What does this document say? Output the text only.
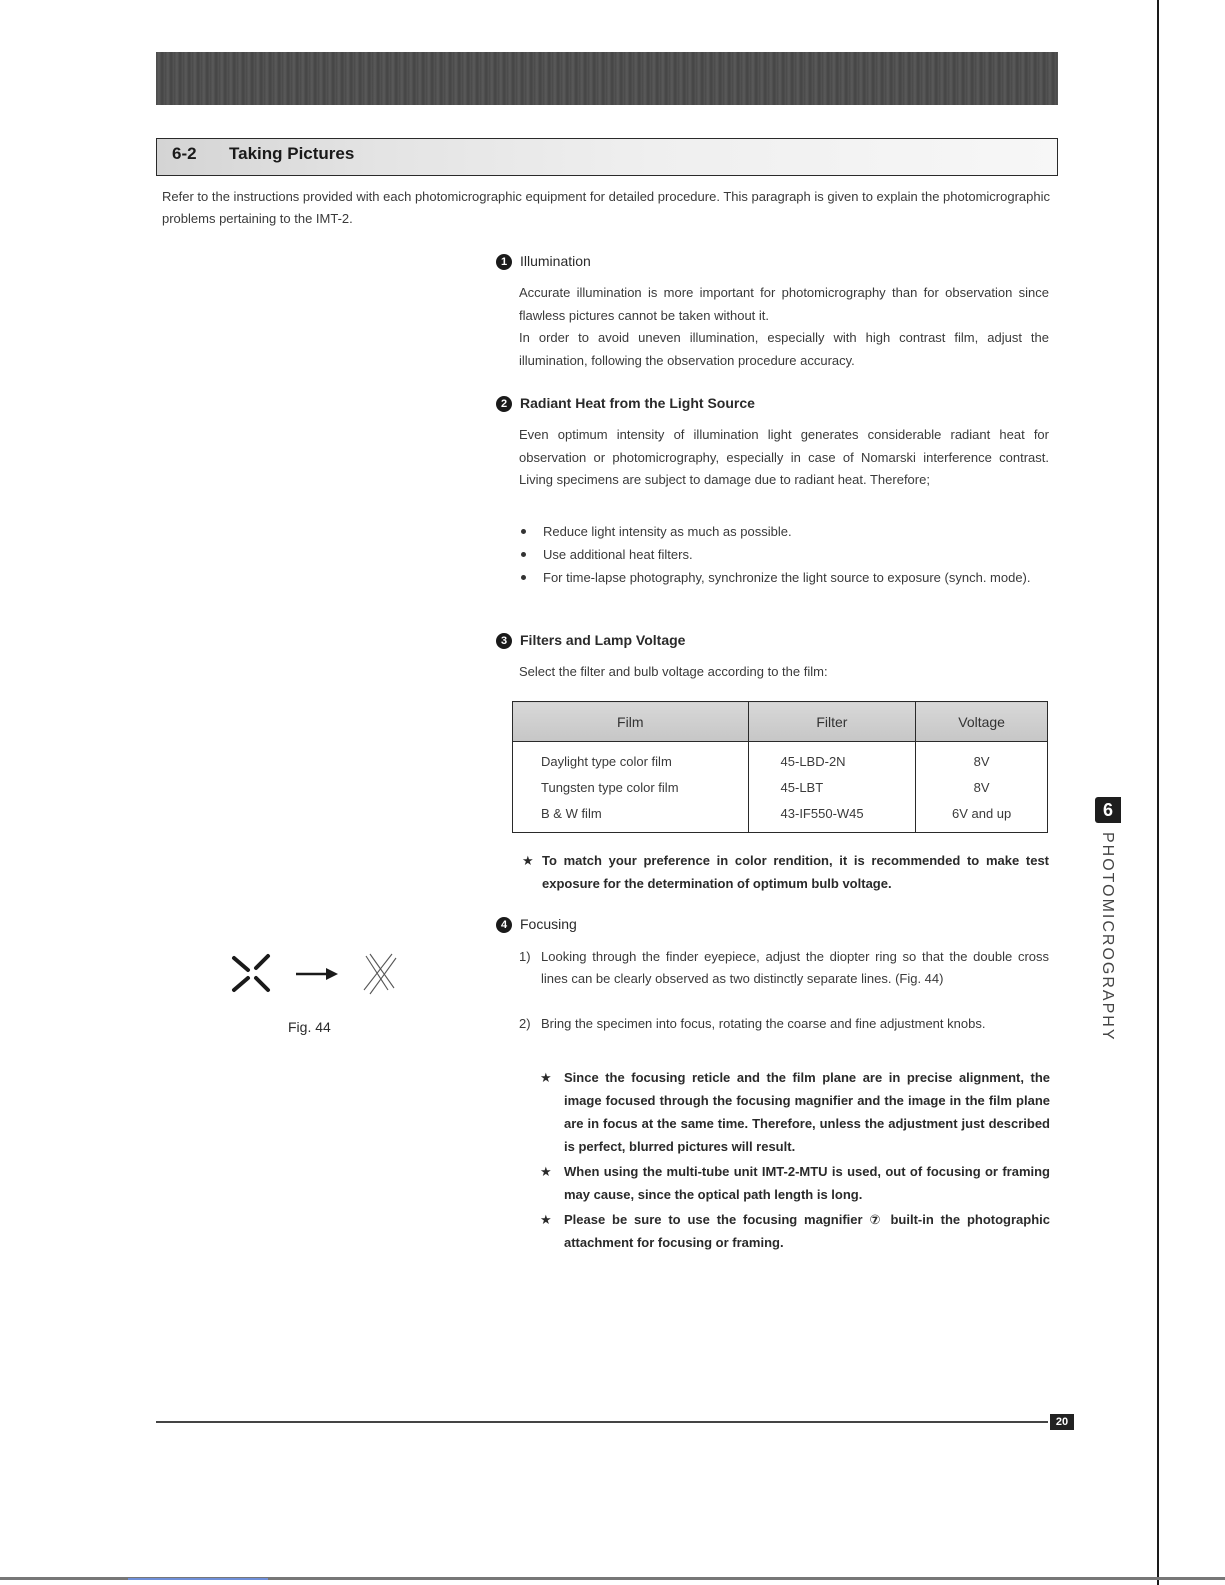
6-2 Taking Pictures

Refer to the instructions provided with each photomicrographic equipment for detailed procedure. This paragraph is given to explain the photomicrographic problems pertaining to the IMT-2.

1 Illumination

Accurate illumination is more important for photomicrography than for observation since flawless pictures cannot be taken without it.

In order to avoid uneven illumination, especially with high contrast film, adjust the illumination, following the observation procedure accuracy.

2 Radiant Heat from the Light Source

Even optimum intensity of illumination light generates considerable radiant heat for observation or photomicrography, especially in case of Nomarski interference contrast. Living specimens are subject to damage due to radiant heat. Therefore;

Reduce light intensity as much as possible.
Use additional heat filters.
For time-lapse photography, synchronize the light source to exposure (synch. mode).
3 Filters and Lamp Voltage

Select the filter and bulb voltage according to the film:

Film	Filter	Voltage
Daylight type color film	45-LBD-2N	8V
Tungsten type color film	45-LBT	8V
B & W film	43-IF550-W45	6V and up

★ To match your preference in color rendition, it is recommended to make test exposure for the determination of optimum bulb voltage.

4 Focusing

1) Looking through the finder eyepiece, adjust the diopter ring so that the double cross lines can be clearly observed as two distinctly separate lines. (Fig. 44)

2) Bring the specimen into focus, rotating the coarse and fine adjustment knobs.

★ Since the focusing reticle and the film plane are in precise alignment, the image focused through the focusing magnifier and the image in the film plane are in focus at the same time. Therefore, unless the adjustment just described is perfect, blurred pictures will result.
★ When using the multi-tube unit IMT-2-MTU is used, out of focusing or framing may cause, since the optical path length is long.
★ Please be sure to use the focusing magnifier ⑦ built-in the photographic attachment for focusing or framing.
Fig. 44
6
PHOTOMICROGRAPHY
20
